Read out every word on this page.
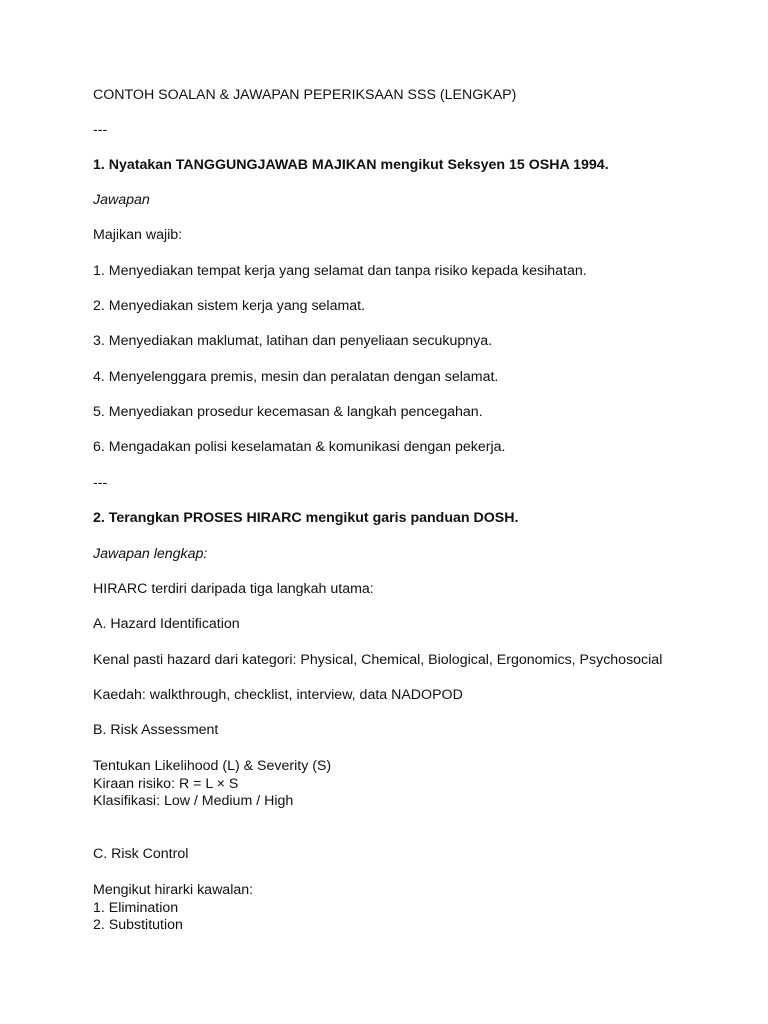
CONTOH SOALAN & JAWAPAN PEPERIKSAAN SSS (LENGKAP)
---
1. Nyatakan TANGGUNGJAWAB MAJIKAN mengikut Seksyen 15 OSHA 1994.
Jawapan
Majikan wajib:
1. Menyediakan tempat kerja yang selamat dan tanpa risiko kepada kesihatan.
2. Menyediakan sistem kerja yang selamat.
3. Menyediakan maklumat, latihan dan penyeliaan secukupnya.
4. Menyelenggara premis, mesin dan peralatan dengan selamat.
5. Menyediakan prosedur kecemasan & langkah pencegahan.
6. Mengadakan polisi keselamatan & komunikasi dengan pekerja.
---
2. Terangkan PROSES HIRARC mengikut garis panduan DOSH.
Jawapan lengkap:
HIRARC terdiri daripada tiga langkah utama:
A. Hazard Identification
Kenal pasti hazard dari kategori: Physical, Chemical, Biological, Ergonomics, Psychosocial
Kaedah: walkthrough, checklist, interview, data NADOPOD
B. Risk Assessment
Tentukan Likelihood (L) & Severity (S)
Kiraan risiko: R = L × S
Klasifikasi: Low / Medium / High
C. Risk Control
Mengikut hirarki kawalan:
1. Elimination
2. Substitution
